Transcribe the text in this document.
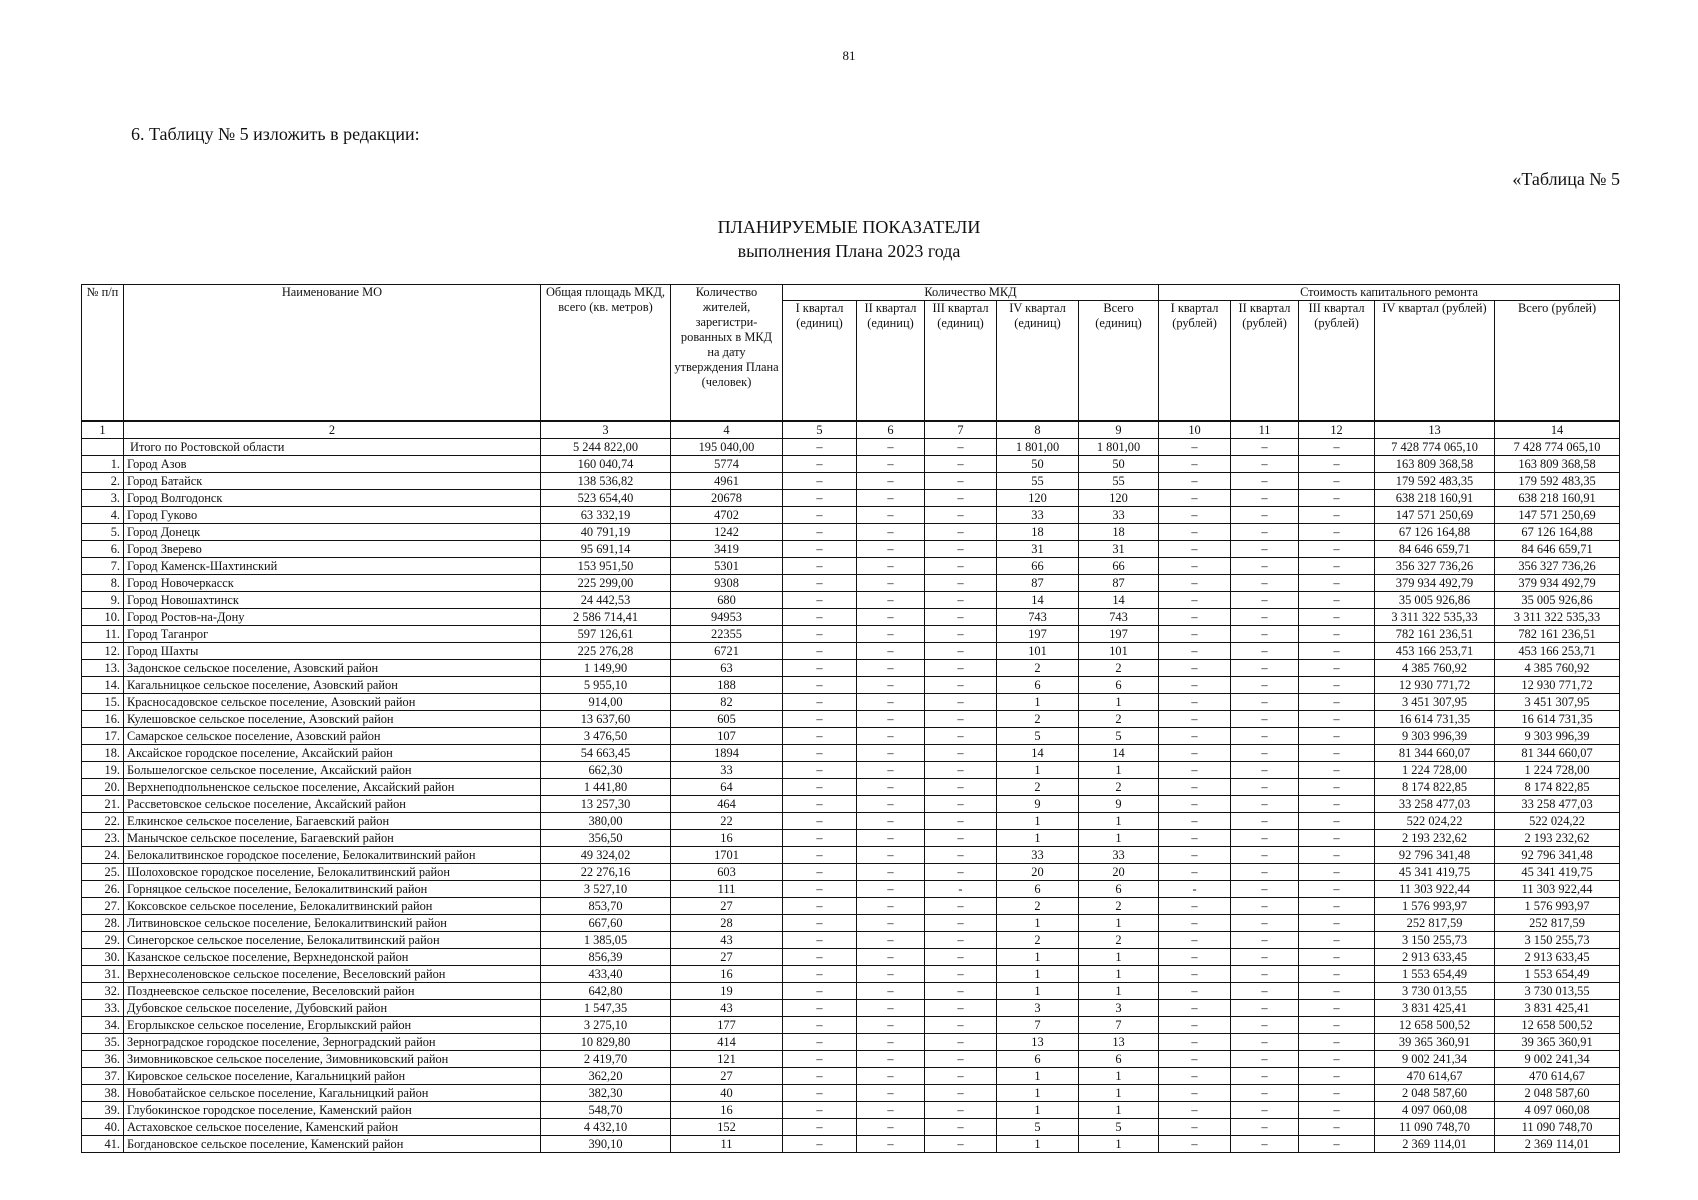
81
6. Таблицу № 5 изложить в редакции:
«Таблица № 5
ПЛАНИРУЕМЫЕ ПОКАЗАТЕЛИ
выполнения Плана 2023 года
№ п/п	Наименование МО	Общая площадь МКД, всего (кв. метров)	Количество жителей, зарегистри-рованных в МКД на дату утверждения Плана (человек)	Количество МКД					Стоимость капитального ремонта				
				I квартал (единиц)	II квартал (единиц)	III квартал (единиц)	IV квартал (единиц)	Всего (единиц)	I квартал (рублей)	II квартал (рублей)	III квартал (рублей)	IV квартал (рублей)	Всего (рублей)
1	2	3	4	5	6	7	8	9	10	11	12	13	14
	Итого по Ростовской области	5 244 822,00	195 040,00	–	–	–	1 801,00	1 801,00	–	–	–	7 428 774 065,10	7 428 774 065,10
1.	Город Азов	160 040,74	5774	–	–	–	50	50	–	–	–	163 809 368,58	163 809 368,58
2.	Город Батайск	138 536,82	4961	–	–	–	55	55	–	–	–	179 592 483,35	179 592 483,35
3.	Город Волгодонск	523 654,40	20678	–	–	–	120	120	–	–	–	638 218 160,91	638 218 160,91
4.	Город Гуково	63 332,19	4702	–	–	–	33	33	–	–	–	147 571 250,69	147 571 250,69
5.	Город Донецк	40 791,19	1242	–	–	–	18	18	–	–	–	67 126 164,88	67 126 164,88
6.	Город Зверево	95 691,14	3419	–	–	–	31	31	–	–	–	84 646 659,71	84 646 659,71
7.	Город Каменск-Шахтинский	153 951,50	5301	–	–	–	66	66	–	–	–	356 327 736,26	356 327 736,26
8.	Город Новочеркасск	225 299,00	9308	–	–	–	87	87	–	–	–	379 934 492,79	379 934 492,79
9.	Город Новошахтинск	24 442,53	680	–	–	–	14	14	–	–	–	35 005 926,86	35 005 926,86
10.	Город Ростов-на-Дону	2 586 714,41	94953	–	–	–	743	743	–	–	–	3 311 322 535,33	3 311 322 535,33
11.	Город Таганрог	597 126,61	22355	–	–	–	197	197	–	–	–	782 161 236,51	782 161 236,51
12.	Город Шахты	225 276,28	6721	–	–	–	101	101	–	–	–	453 166 253,71	453 166 253,71
13.	Задонское сельское поселение, Азовский район	1 149,90	63	–	–	–	2	2	–	–	–	4 385 760,92	4 385 760,92
14.	Кагальницкое сельское поселение, Азовский район	5 955,10	188	–	–	–	6	6	–	–	–	12 930 771,72	12 930 771,72
15.	Красносадовское сельское поселение, Азовский район	914,00	82	–	–	–	1	1	–	–	–	3 451 307,95	3 451 307,95
16.	Кулешовское сельское поселение, Азовский район	13 637,60	605	–	–	–	2	2	–	–	–	16 614 731,35	16 614 731,35
17.	Самарское сельское поселение, Азовский район	3 476,50	107	–	–	–	5	5	–	–	–	9 303 996,39	9 303 996,39
18.	Аксайское городское поселение, Аксайский район	54 663,45	1894	–	–	–	14	14	–	–	–	81 344 660,07	81 344 660,07
19.	Большелогское сельское поселение, Аксайский район	662,30	33	–	–	–	1	1	–	–	–	1 224 728,00	1 224 728,00
20.	Верхнеподпольненское сельское поселение, Аксайский район	1 441,80	64	–	–	–	2	2	–	–	–	8 174 822,85	8 174 822,85
21.	Рассветовское сельское поселение, Аксайский район	13 257,30	464	–	–	–	9	9	–	–	–	33 258 477,03	33 258 477,03
22.	Елкинское сельское поселение, Багаевский район	380,00	22	–	–	–	1	1	–	–	–	522 024,22	522 024,22
23.	Манычское сельское поселение, Багаевский район	356,50	16	–	–	–	1	1	–	–	–	2 193 232,62	2 193 232,62
24.	Белокалитвинское городское поселение, Белокалитвинский район	49 324,02	1701	–	–	–	33	33	–	–	–	92 796 341,48	92 796 341,48
25.	Шолоховское городское поселение, Белокалитвинский район	22 276,16	603	–	–	–	20	20	–	–	–	45 341 419,75	45 341 419,75
26.	Горняцкое сельское поселение, Белокалитвинский район	3 527,10	111	–	–	-	6	6	-	–	–	11 303 922,44	11 303 922,44
27.	Коксовское сельское поселение, Белокалитвинский район	853,70	27	–	–	–	2	2	–	–	–	1 576 993,97	1 576 993,97
28.	Литвиновское сельское поселение, Белокалитвинский район	667,60	28	–	–	–	1	1	–	–	–	252 817,59	252 817,59
29.	Синегорское сельское поселение, Белокалитвинский район	1 385,05	43	–	–	–	2	2	–	–	–	3 150 255,73	3 150 255,73
30.	Казанское сельское поселение, Верхнедонской район	856,39	27	–	–	–	1	1	–	–	–	2 913 633,45	2 913 633,45
31.	Верхнесоленовское сельское поселение, Веселовский район	433,40	16	–	–	–	1	1	–	–	–	1 553 654,49	1 553 654,49
32.	Позднеевское сельское поселение, Веселовский район	642,80	19	–	–	–	1	1	–	–	–	3 730 013,55	3 730 013,55
33.	Дубовское сельское поселение, Дубовский район	1 547,35	43	–	–	–	3	3	–	–	–	3 831 425,41	3 831 425,41
34.	Егорлыкское сельское поселение, Егорлыкский район	3 275,10	177	–	–	–	7	7	–	–	–	12 658 500,52	12 658 500,52
35.	Зерноградское городское поселение, Зерноградский район	10 829,80	414	–	–	–	13	13	–	–	–	39 365 360,91	39 365 360,91
36.	Зимовниковское сельское поселение, Зимовниковский район	2 419,70	121	–	–	–	6	6	–	–	–	9 002 241,34	9 002 241,34
37.	Кировское сельское поселение, Кагальницкий район	362,20	27	–	–	–	1	1	–	–	–	470 614,67	470 614,67
38.	Новобатайское сельское поселение, Кагальницкий район	382,30	40	–	–	–	1	1	–	–	–	2 048 587,60	2 048 587,60
39.	Глубокинское городское поселение, Каменский район	548,70	16	–	–	–	1	1	–	–	–	4 097 060,08	4 097 060,08
40.	Астаховское сельское поселение, Каменский район	4 432,10	152	–	–	–	5	5	–	–	–	11 090 748,70	11 090 748,70
41.	Богдановское сельское поселение, Каменский район	390,10	11	–	–	–	1	1	–	–	–	2 369 114,01	2 369 114,01
